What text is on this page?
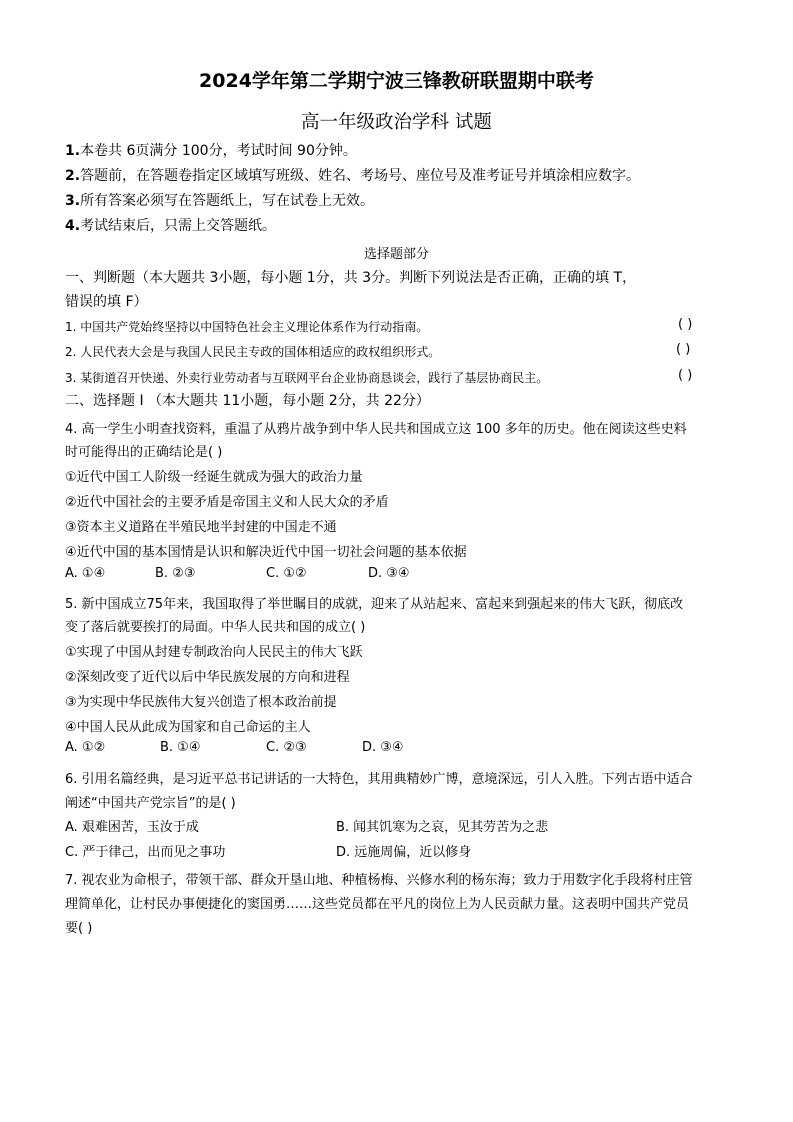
2024学年第二学期宁波三锋教研联盟期中联考
高一年级政治学科 试题
1.本卷共 6页满分 100分，考试时间 90分钟。
2.答题前，在答题卷指定区域填写班级、姓名、考场号、座位号及准考证号并填涂相应数字。
3.所有答案必须写在答题纸上，写在试卷上无效。
4.考试结束后，只需上交答题纸。
选择题部分
一、判断题（本大题共 3小题，每小题 1分，共 3分。判断下列说法是否正确，正确的填 T，
错误的填 F）
1. 中国共产党始终坚持以中国特色社会主义理论体系作为行动指南。	( )
2. 人民代表大会是与我国人民民主专政的国体相适应的政权组织形式。	( )
3. 某街道召开快递、外卖行业劳动者与互联网平台企业协商恳谈会，践行了基层协商民主。	( )
二、选择题 Ⅰ （本大题共 11小题，每小题 2分，共 22分）
4. 高一学生小明查找资料，重温了从鸦片战争到中华人民共和国成立这 100 多年的历史。他在阅读这些史料
时可能得出的正确结论是( )
①近代中国工人阶级一经诞生就成为强大的政治力量
②近代中国社会的主要矛盾是帝国主义和人民大众的矛盾
③资本主义道路在半殖民地半封建的中国走不通
④近代中国的基本国情是认识和解决近代中国一切社会问题的基本依据
A. ①④	B. ②③	C. ①②	D. ③④
5. 新中国成立75年来，我国取得了举世瞩目的成就，迎来了从站起来、富起来到强起来的伟大飞跃，彻底改
变了落后就要挨打的局面。中华人民共和国的成立( )
①实现了中国从封建专制政治向人民民主的伟大飞跃
②深刻改变了近代以后中华民族发展的方向和进程
③为实现中华民族伟大复兴创造了根本政治前提
④中国人民从此成为国家和自己命运的主人
A. ①②	B. ①④	C. ②③	D. ③④
6. 引用名篇经典，是习近平总书记讲话的一大特色，其用典精妙广博，意境深远，引人入胜。下列古语中适合
阐述“中国共产党宗旨”的是( )
A. 艰难困苦，玉汝于成	B. 闻其饥寒为之哀，见其劳苦为之悲
C. 严于律己，出而见之事功	D. 远施周偏，近以修身
7. 视农业为命根子，带领干部、群众开垦山地、种植杨梅、兴修水利的杨东海；致力于用数字化手段将村庄管
理简单化，让村民办事便捷化的窦国勇……这些党员都在平凡的岗位上为人民贡献力量。这表明中国共产党员
要( )
